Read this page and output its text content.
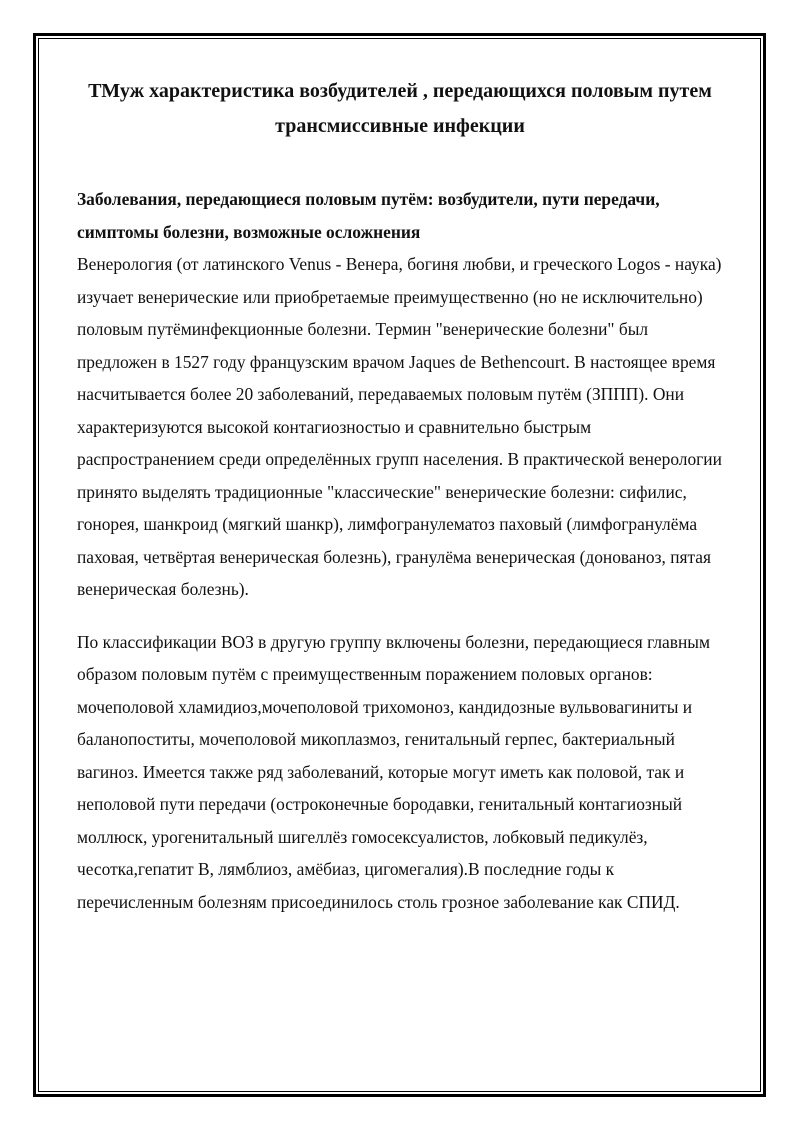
ТМуж характеристика возбудителей , передающихся половым путем трансмиссивные инфекции

Заболевания, передающиеся половым путём: возбудители, пути передачи, симптомы болезни, возможные осложнения

Венерология (от латинского Venus - Венера, богиня любви, и греческого Logos - наука) изучает венерические или приобретаемые преимущественно (но не исключительно) половым путёминфекционные болезни. Термин "венерические болезни" был предложен в 1527 году французским врачом Jaques de Bethencourt. В настоящее время насчитывается более 20 заболеваний, передаваемых половым путём (ЗППП). Они характеризуются высокой контагиозностыо и сравнительно быстрым распространением среди определённых групп населения. В практической венерологии принято выделять традиционные "классические" венерические болезни: сифилис, гонорея, шанкроид (мягкий шанкр), лимфогранулематоз паховый (лимфогранулёма паховая, четвёртая венерическая болезнь), гранулёма венерическая (донованоз, пятая венерическая болезнь).

По классификации ВОЗ в другую группу включены болезни, передающиеся главным образом половым путём с преимущественным поражением половых органов: мочеполовой хламидиоз,мочеполовой трихомоноз, кандидозные вульвовагиниты и баланопоститы, мочеполовой микоплазмоз, генитальный герпес, бактериальный вагиноз. Имеется также ряд заболеваний, которые могут иметь как половой, так и неполовой пути передачи (остроконечные бородавки, генитальный контагиозный моллюск, урогенитальный шигеллёз гомосексуалистов, лобковый педикулёз, чесотка,гепатит В, лямблиоз, амёбиаз, цигомегалия).В последние годы к перечисленным болезням присоединилось столь грозное заболевание как СПИД.
